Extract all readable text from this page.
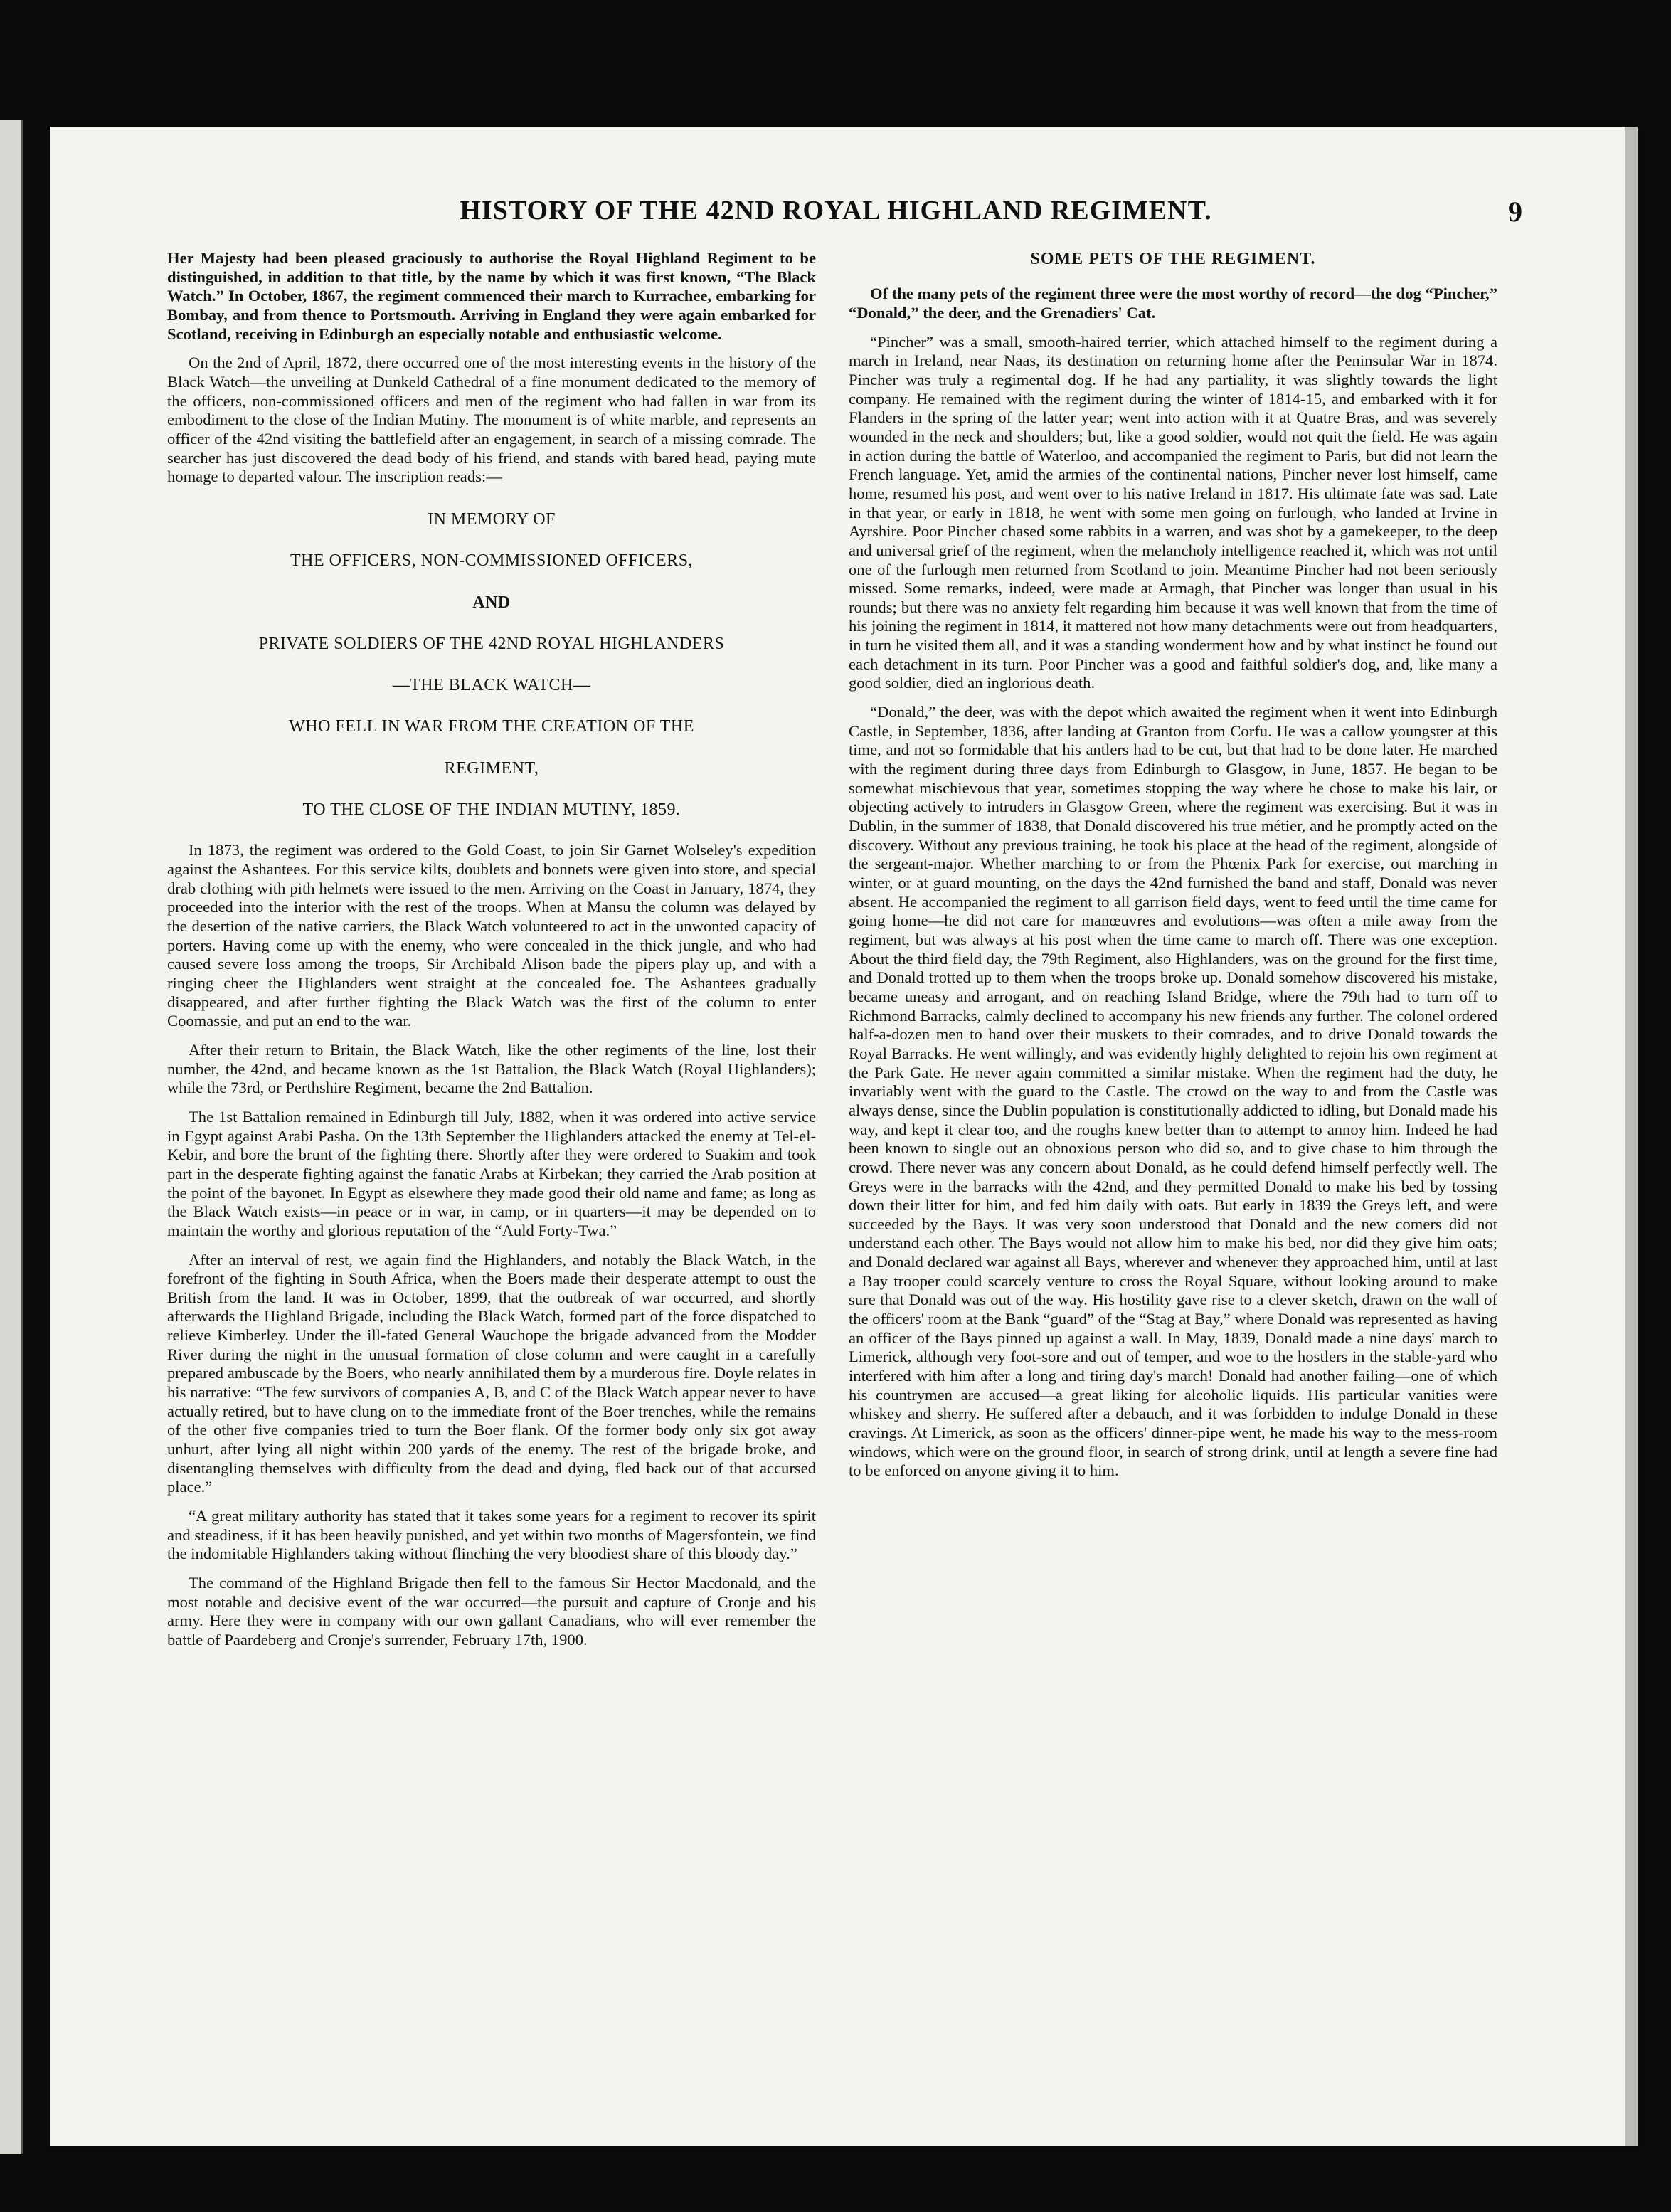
HISTORY OF THE 42ND ROYAL HIGHLAND REGIMENT.	9

Her Majesty had been pleased graciously to authorise the Royal Highland Regiment to be distinguished, in addition to that title, by the name by which it was first known, “The Black Watch.” In October, 1867, the regiment commenced their march to Kurrachee, embarking for Bombay, and from thence to Portsmouth. Arriving in England they were again embarked for Scotland, receiving in Edinburgh an especially notable and enthusiastic welcome.

On the 2nd of April, 1872, there occurred one of the most interesting events in the history of the Black Watch—the unveiling at Dunkeld Cathedral of a fine monument dedicated to the memory of the officers, non-commissioned officers and men of the regiment who had fallen in war from its embodiment to the close of the Indian Mutiny. The monument is of white marble, and represents an officer of the 42nd visiting the battlefield after an engagement, in search of a missing comrade. The searcher has just discovered the dead body of his friend, and stands with bared head, paying mute homage to departed valour. The inscription reads:—

IN MEMORY OF
THE OFFICERS, NON-COMMISSIONED OFFICERS,
AND
PRIVATE SOLDIERS OF THE 42ND ROYAL HIGHLANDERS
—THE BLACK WATCH—
WHO FELL IN WAR FROM THE CREATION OF THE
REGIMENT,
TO THE CLOSE OF THE INDIAN MUTINY, 1859.

In 1873, the regiment was ordered to the Gold Coast, to join Sir Garnet Wolseley's expedition against the Ashantees. For this service kilts, doublets and bonnets were given into store, and special drab clothing with pith helmets were issued to the men. Arriving on the Coast in January, 1874, they proceeded into the interior with the rest of the troops. When at Mansu the column was delayed by the desertion of the native carriers, the Black Watch volunteered to act in the unwonted capacity of porters. Having come up with the enemy, who were concealed in the thick jungle, and who had caused severe loss among the troops, Sir Archibald Alison bade the pipers play up, and with a ringing cheer the Highlanders went straight at the concealed foe. The Ashantees gradually disappeared, and after further fighting the Black Watch was the first of the column to enter Coomassie, and put an end to the war.

After their return to Britain, the Black Watch, like the other regiments of the line, lost their number, the 42nd, and became known as the 1st Battalion, the Black Watch (Royal Highlanders); while the 73rd, or Perthshire Regiment, became the 2nd Battalion.

The 1st Battalion remained in Edinburgh till July, 1882, when it was ordered into active service in Egypt against Arabi Pasha. On the 13th September the Highlanders attacked the enemy at Tel-el-Kebir, and bore the brunt of the fighting there. Shortly after they were ordered to Suakim and took part in the desperate fighting against the fanatic Arabs at Kirbekan; they carried the Arab position at the point of the bayonet. In Egypt as elsewhere they made good their old name and fame; as long as the Black Watch exists—in peace or in war, in camp, or in quarters—it may be depended on to maintain the worthy and glorious reputation of the “Auld Forty-Twa.”

After an interval of rest, we again find the Highlanders, and notably the Black Watch, in the forefront of the fighting in South Africa, when the Boers made their desperate attempt to oust the British from the land. It was in October, 1899, that the outbreak of war occurred, and shortly afterwards the Highland Brigade, including the Black Watch, formed part of the force dispatched to relieve Kimberley. Under the ill-fated General Wauchope the brigade advanced from the Modder River during the night in the unusual formation of close column and were caught in a carefully prepared ambuscade by the Boers, who nearly annihilated them by a murderous fire. Doyle relates in his narrative: “The few survivors of companies A, B, and C of the Black Watch appear never to have actually retired, but to have clung on to the immediate front of the Boer trenches, while the remains of the other five companies tried to turn the Boer flank. Of the former body only six got away unhurt, after lying all night within 200 yards of the enemy. The rest of the brigade broke, and disentangling themselves with difficulty from the dead and dying, fled back out of that accursed place.”

“A great military authority has stated that it takes some years for a regiment to recover its spirit and steadiness, if it has been heavily punished, and yet within two months of Magersfontein, we find the indomitable Highlanders taking without flinching the very bloodiest share of this bloody day.”

The command of the Highland Brigade then fell to the famous Sir Hector Macdonald, and the most notable and decisive event of the war occurred—the pursuit and capture of Cronje and his army. Here they were in company with our own gallant Canadians, who will ever remember the battle of Paardeberg and Cronje's surrender, February 17th, 1900.

SOME PETS OF THE REGIMENT.

Of the many pets of the regiment three were the most worthy of record—the dog “Pincher,” “Donald,” the deer, and the Grenadiers' Cat.

“Pincher” was a small, smooth-haired terrier, which attached himself to the regiment during a march in Ireland, near Naas, its destination on returning home after the Peninsular War in 1874. Pincher was truly a regimental dog. If he had any partiality, it was slightly towards the light company. He remained with the regiment during the winter of 1814-15, and embarked with it for Flanders in the spring of the latter year; went into action with it at Quatre Bras, and was severely wounded in the neck and shoulders; but, like a good soldier, would not quit the field. He was again in action during the battle of Waterloo, and accompanied the regiment to Paris, but did not learn the French language. Yet, amid the armies of the continental nations, Pincher never lost himself, came home, resumed his post, and went over to his native Ireland in 1817. His ultimate fate was sad. Late in that year, or early in 1818, he went with some men going on furlough, who landed at Irvine in Ayrshire. Poor Pincher chased some rabbits in a warren, and was shot by a gamekeeper, to the deep and universal grief of the regiment, when the melancholy intelligence reached it, which was not until one of the furlough men returned from Scotland to join. Meantime Pincher had not been seriously missed. Some remarks, indeed, were made at Armagh, that Pincher was longer than usual in his rounds; but there was no anxiety felt regarding him because it was well known that from the time of his joining the regiment in 1814, it mattered not how many detachments were out from headquarters, in turn he visited them all, and it was a standing wonderment how and by what instinct he found out each detachment in its turn. Poor Pincher was a good and faithful soldier's dog, and, like many a good soldier, died an inglorious death.

“Donald,” the deer, was with the depot which awaited the regiment when it went into Edinburgh Castle, in September, 1836, after landing at Granton from Corfu. He was a callow youngster at this time, and not so formidable that his antlers had to be cut, but that had to be done later. He marched with the regiment during three days from Edinburgh to Glasgow, in June, 1857. He began to be somewhat mischievous that year, sometimes stopping the way where he chose to make his lair, or objecting actively to intruders in Glasgow Green, where the regiment was exercising. But it was in Dublin, in the summer of 1838, that Donald discovered his true métier, and he promptly acted on the discovery. Without any previous training, he took his place at the head of the regiment, alongside of the sergeant-major. Whether marching to or from the Phœnix Park for exercise, out marching in winter, or at guard mounting, on the days the 42nd furnished the band and staff, Donald was never absent. He accompanied the regiment to all garrison field days, went to feed until the time came for going home—he did not care for manœuvres and evolutions—was often a mile away from the regiment, but was always at his post when the time came to march off. There was one exception. About the third field day, the 79th Regiment, also Highlanders, was on the ground for the first time, and Donald trotted up to them when the troops broke up. Donald somehow discovered his mistake, became uneasy and arrogant, and on reaching Island Bridge, where the 79th had to turn off to Richmond Barracks, calmly declined to accompany his new friends any further. The colonel ordered half-a-dozen men to hand over their muskets to their comrades, and to drive Donald towards the Royal Barracks. He went willingly, and was evidently highly delighted to rejoin his own regiment at the Park Gate. He never again committed a similar mistake. When the regiment had the duty, he invariably went with the guard to the Castle. The crowd on the way to and from the Castle was always dense, since the Dublin population is constitutionally addicted to idling, but Donald made his way, and kept it clear too, and the roughs knew better than to attempt to annoy him. Indeed he had been known to single out an obnoxious person who did so, and to give chase to him through the crowd. There never was any concern about Donald, as he could defend himself perfectly well. The Greys were in the barracks with the 42nd, and they permitted Donald to make his bed by tossing down their litter for him, and fed him daily with oats. But early in 1839 the Greys left, and were succeeded by the Bays. It was very soon understood that Donald and the new comers did not understand each other. The Bays would not allow him to make his bed, nor did they give him oats; and Donald declared war against all Bays, wherever and whenever they approached him, until at last a Bay trooper could scarcely venture to cross the Royal Square, without looking around to make sure that Donald was out of the way. His hostility gave rise to a clever sketch, drawn on the wall of the officers' room at the Bank “guard” of the “Stag at Bay,” where Donald was represented as having an officer of the Bays pinned up against a wall. In May, 1839, Donald made a nine days' march to Limerick, although very foot-sore and out of temper, and woe to the hostlers in the stable-yard who interfered with him after a long and tiring day's march! Donald had another failing—one of which his countrymen are accused—a great liking for alcoholic liquids. His particular vanities were whiskey and sherry. He suffered after a debauch, and it was forbidden to indulge Donald in these cravings. At Limerick, as soon as the officers' dinner-pipe went, he made his way to the mess-room windows, which were on the ground floor, in search of strong drink, until at length a severe fine had to be enforced on anyone giving it to him.
